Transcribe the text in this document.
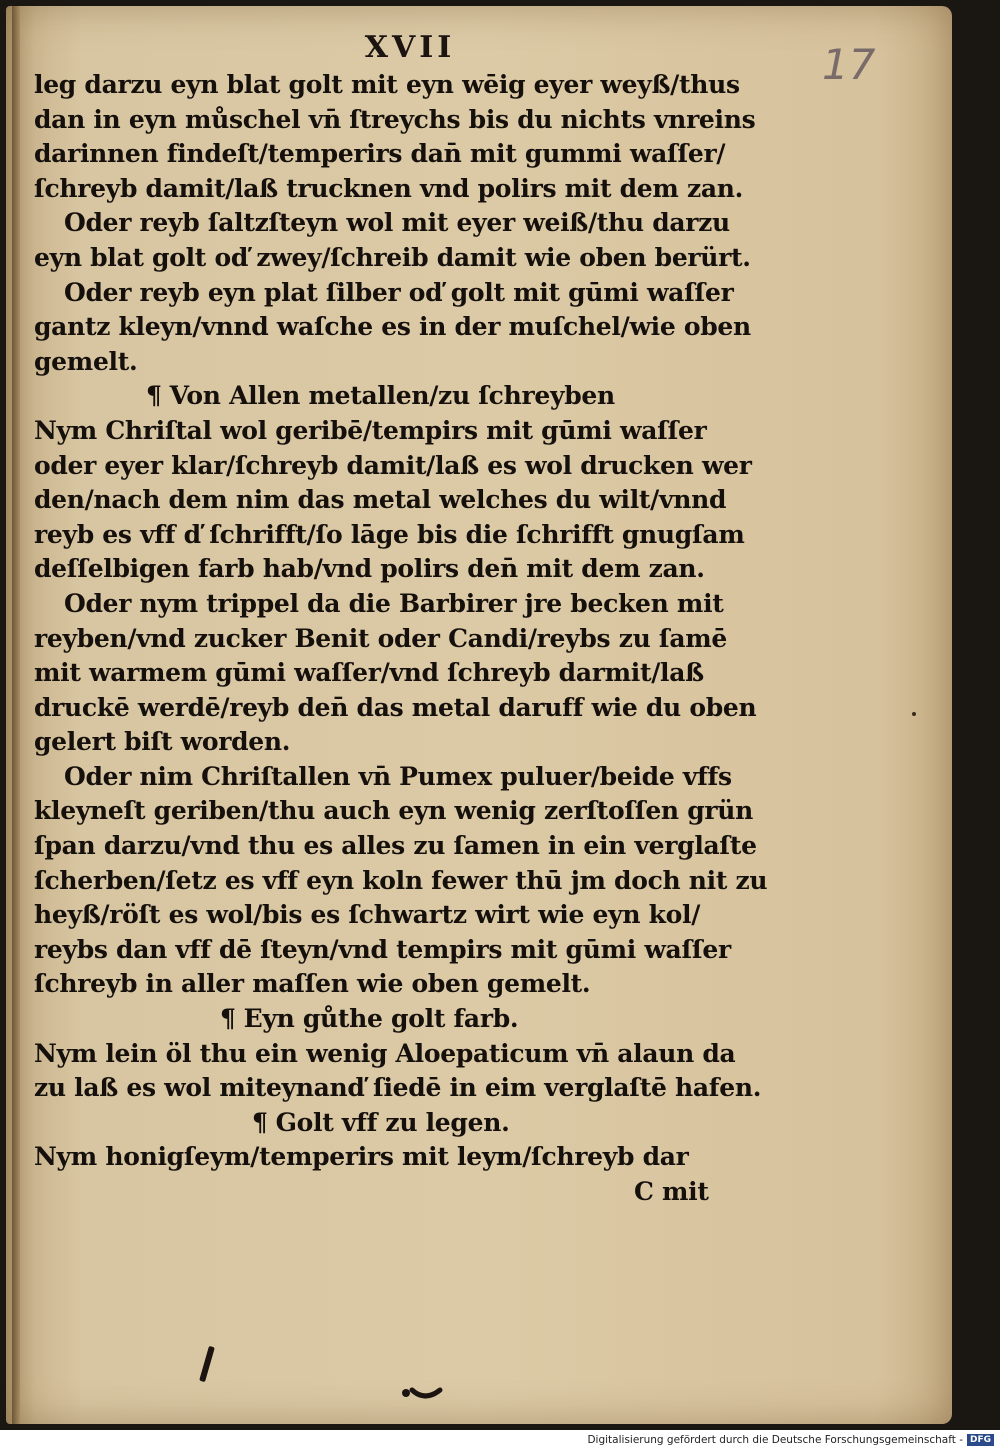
XVII	17
leg darzu eyn blat golt mit eyn wēig eyer weyß/thus
dan in eyn můschel vn̄ ſtreychs bis du nichts vnreins
darinnen findeſt/temperirs dan̄ mit gummi waſſer/
ſchreyb damit/laß trucknen vnd polirs mit dem zan.
Oder reyb ſaltzſteyn wol mit eyer weiß/thu darzu
eyn blat golt oď zwey/ſchreib damit wie oben berürt.
Oder reyb eyn plat ſilber oď golt mit gūmi waſſer
gantz kleyn/vnnd waſche es in der muſchel/wie oben
gemelt.
¶ Von Allen metallen/zu ſchreyben
Nym Chriſtal wol geribē/tempirs mit gūmi waſſer
oder eyer klar/ſchreyb damit/laß es wol drucken wer
den/nach dem nim das metal welches du wilt/vnnd
reyb es vff ď ſchrifft/ſo lāge bis die ſchrifft gnugſam
deſſelbigen farb hab/vnd polirs den̄ mit dem zan.
Oder nym trippel da die Barbirer jre becken mit
reyben/vnd zucker Benit oder Candi/reybs zu ſamē
mit warmem gūmi waſſer/vnd ſchreyb darmit/laß
druckē werdē/reyb den̄ das metal daruff wie du oben
gelert biſt worden.
Oder nim Chriſtallen vn̄ Pumex puluer/beide vffs
kleyneſt geriben/thu auch eyn wenig zerſtoſſen grün
ſpan darzu/vnd thu es alles zu ſamen in ein verglaſte
ſcherben/ſetz es vff eyn koln fewer thū jm doch nit zu
heyß/röſt es wol/bis es ſchwartz wirt wie eyn kol/
reybs dan vff dē ſteyn/vnd tempirs mit gūmi waſſer
ſchreyb in aller maſſen wie oben gemelt.
¶ Eyn gůthe golt farb.
Nym lein öl thu ein wenig Aloepaticum vn̄ alaun da
zu laß es wol miteynanď ſiedē in eim verglaſtē hafen.
¶ Golt vff zu legen.
Nym honigſeym/temperirs mit leym/ſchreyb dar
C mit
Digitalisierung gefördert durch die Deutsche Forschungsgemeinschaft - DFG
